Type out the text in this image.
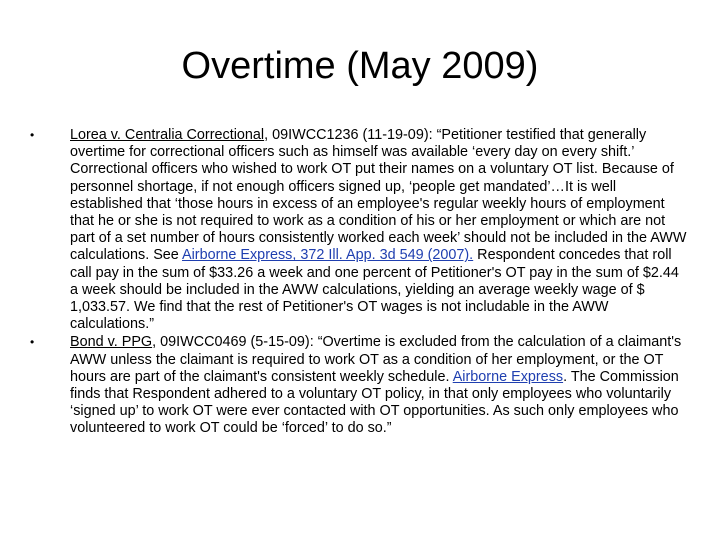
Overtime (May 2009)
•	Lorea v. Centralia Correctional, 09IWCC1236 (11-19-09): “Petitioner testified that generally overtime for correctional officers such as himself was available ‘every day on every shift.’ Correctional officers who wished to work OT put their names on a voluntary OT list. Because of personnel shortage, if not enough officers signed up, ‘people get mandated’…It is well established that ‘those hours in excess of an employee's regular weekly hours of employment that he or she is not required to work as a condition of his or her employment or which are not part of a set number of hours consistently worked each week’ should not be included in the AWW calculations. See Airborne Express, 372 Ill. App. 3d 549 (2007). Respondent concedes that roll call pay in the sum of $33.26 a week and one percent of Petitioner's OT pay in the sum of $2.44 a week should be included in the AWW calculations, yielding an average weekly wage of $ 1,033.57. We find that the rest of Petitioner's OT wages is not includable in the AWW calculations.”
•	Bond v. PPG, 09IWCC0469 (5-15-09): “Overtime is excluded from the calculation of a claimant's AWW unless the claimant is required to work OT as a condition of her employment, or the OT hours are part of the claimant's consistent weekly schedule. Airborne Express. The Commission finds that Respondent adhered to a voluntary OT policy, in that only employees who voluntarily ‘signed up’ to work OT were ever contacted with OT opportunities. As such only employees who volunteered to work OT could be ‘forced’ to do so.”
